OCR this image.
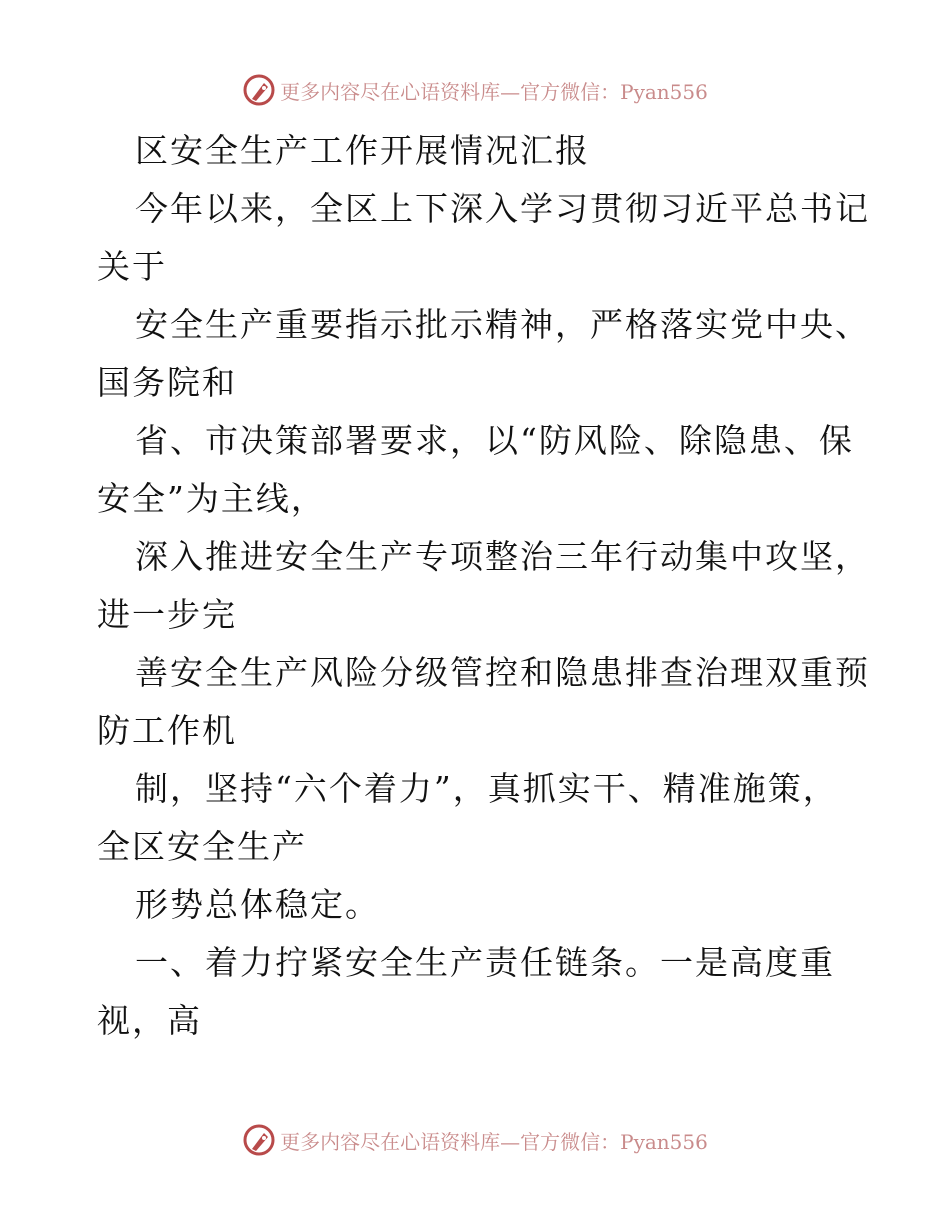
更多内容尽在心语资料库—官方微信：Pyan556
区安全生产工作开展情况汇报
今年以来，全区上下深入学习贯彻习近平总书记
关于
安全生产重要指示批示精神，严格落实党中央、
国务院和
省、市决策部署要求，以“防风险、除隐患、保
安全”为主线，
深入推进安全生产专项整治三年行动集中攻坚，
进一步完
善安全生产风险分级管控和隐患排查治理双重预
防工作机
制，坚持“六个着力”，真抓实干、精准施策，
全区安全生产
形势总体稳定。
一、着力拧紧安全生产责任链条。一是高度重
视，高
更多内容尽在心语资料库—官方微信：Pyan556
